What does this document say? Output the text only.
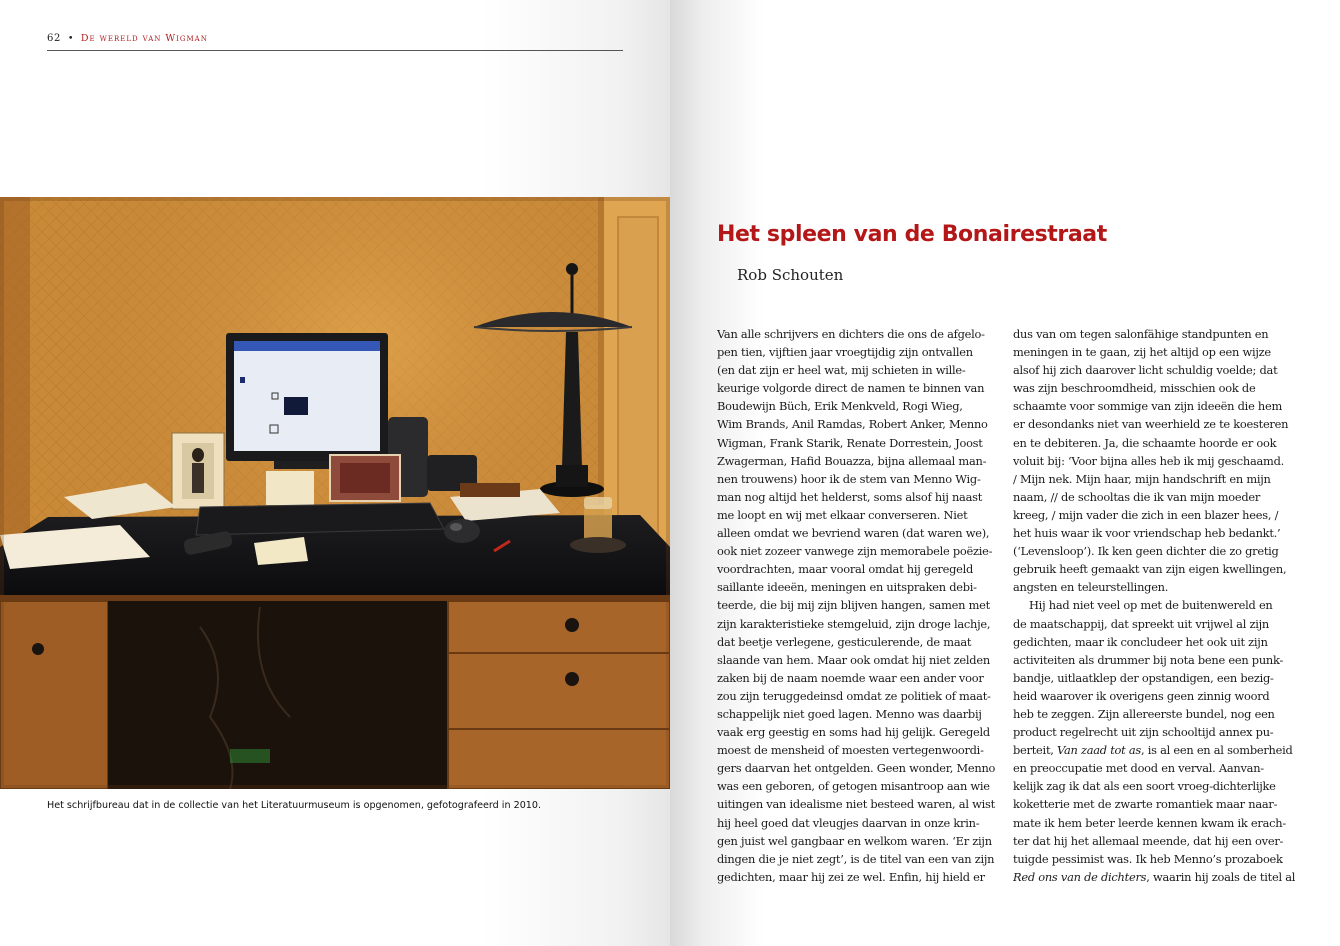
62 • De wereld van Wigman
Het schrijfbureau dat in de collectie van het Literatuurmuseum is opgenomen, gefotografeerd in 2010.
Het spleen van de Bonairestraat
Rob Schouten
Van alle schrijvers en dichters die ons de afgelo-
pen tien, vijftien jaar vroegtijdig zijn ontvallen
(en dat zijn er heel wat, mij schieten in wille-
keurige volgorde direct de namen te binnen van
Boudewijn Büch, Erik Menkveld, Rogi Wieg,
Wim Brands, Anil Ramdas, Robert Anker, Menno
Wigman, Frank Starik, Renate Dorrestein, Joost
Zwagerman, Hafid Bouazza, bijna allemaal man-
nen trouwens) hoor ik de stem van Menno Wig-
man nog altijd het helderst, soms alsof hij naast
me loopt en wij met elkaar converseren. Niet
alleen omdat we bevriend waren (dat waren we),
ook niet zozeer vanwege zijn memorabele poëzie-
voordrachten, maar vooral omdat hij geregeld
saillante ideeën, meningen en uitspraken debi-
teerde, die bij mij zijn blijven hangen, samen met
zijn karakteristieke stemgeluid, zijn droge lachje,
dat beetje verlegene, gesticulerende, de maat
slaande van hem. Maar ook omdat hij niet zelden
zaken bij de naam noemde waar een ander voor
zou zijn teruggedeinsd omdat ze politiek of maat-
schappelijk niet goed lagen. Menno was daarbij
vaak erg geestig en soms had hij gelijk. Geregeld
moest de mensheid of moesten vertegenwoordi-
gers daarvan het ontgelden. Geen wonder, Menno
was een geboren, of getogen misantroop aan wie
uitingen van idealisme niet besteed waren, al wist
hij heel goed dat vleugjes daarvan in onze krin-
gen juist wel gangbaar en welkom waren. ‘Er zijn
dingen die je niet zegt’, is de titel van een van zijn
gedichten, maar hij zei ze wel. Enfin, hij hield er
dus van om tegen salonfähige standpunten en
meningen in te gaan, zij het altijd op een wijze
alsof hij zich daarover licht schuldig voelde; dat
was zijn beschroomdheid, misschien ook de
schaamte voor sommige van zijn ideeën die hem
er desondanks niet van weerhield ze te koesteren
en te debiteren. Ja, die schaamte hoorde er ook
voluit bij: ‘Voor bijna alles heb ik mij geschaamd.
/ Mijn nek. Mijn haar, mijn handschrift en mijn
naam, // de schooltas die ik van mijn moeder
kreeg, / mijn vader die zich in een blazer hees, /
het huis waar ik voor vriendschap heb bedankt.’
(‘Levensloop’). Ik ken geen dichter die zo gretig
gebruik heeft gemaakt van zijn eigen kwellingen,
angsten en teleurstellingen.
Hij had niet veel op met de buitenwereld en
de maatschappij, dat spreekt uit vrijwel al zijn
gedichten, maar ik concludeer het ook uit zijn
activiteiten als drummer bij nota bene een punk-
bandje, uitlaatklep der opstandigen, een bezig-
heid waarover ik overigens geen zinnig woord
heb te zeggen. Zijn allereerste bundel, nog een
product regelrecht uit zijn schooltijd annex pu-
berteit, Van zaad tot as, is al een en al somberheid
en preoccupatie met dood en verval. Aanvan-
kelijk zag ik dat als een soort vroeg-dichterlijke
koketterie met de zwarte romantiek maar naar-
mate ik hem beter leerde kennen kwam ik erach-
ter dat hij het allemaal meende, dat hij een over-
tuigde pessimist was. Ik heb Menno’s prozaboek
Red ons van de dichters, waarin hij zoals de titel al
